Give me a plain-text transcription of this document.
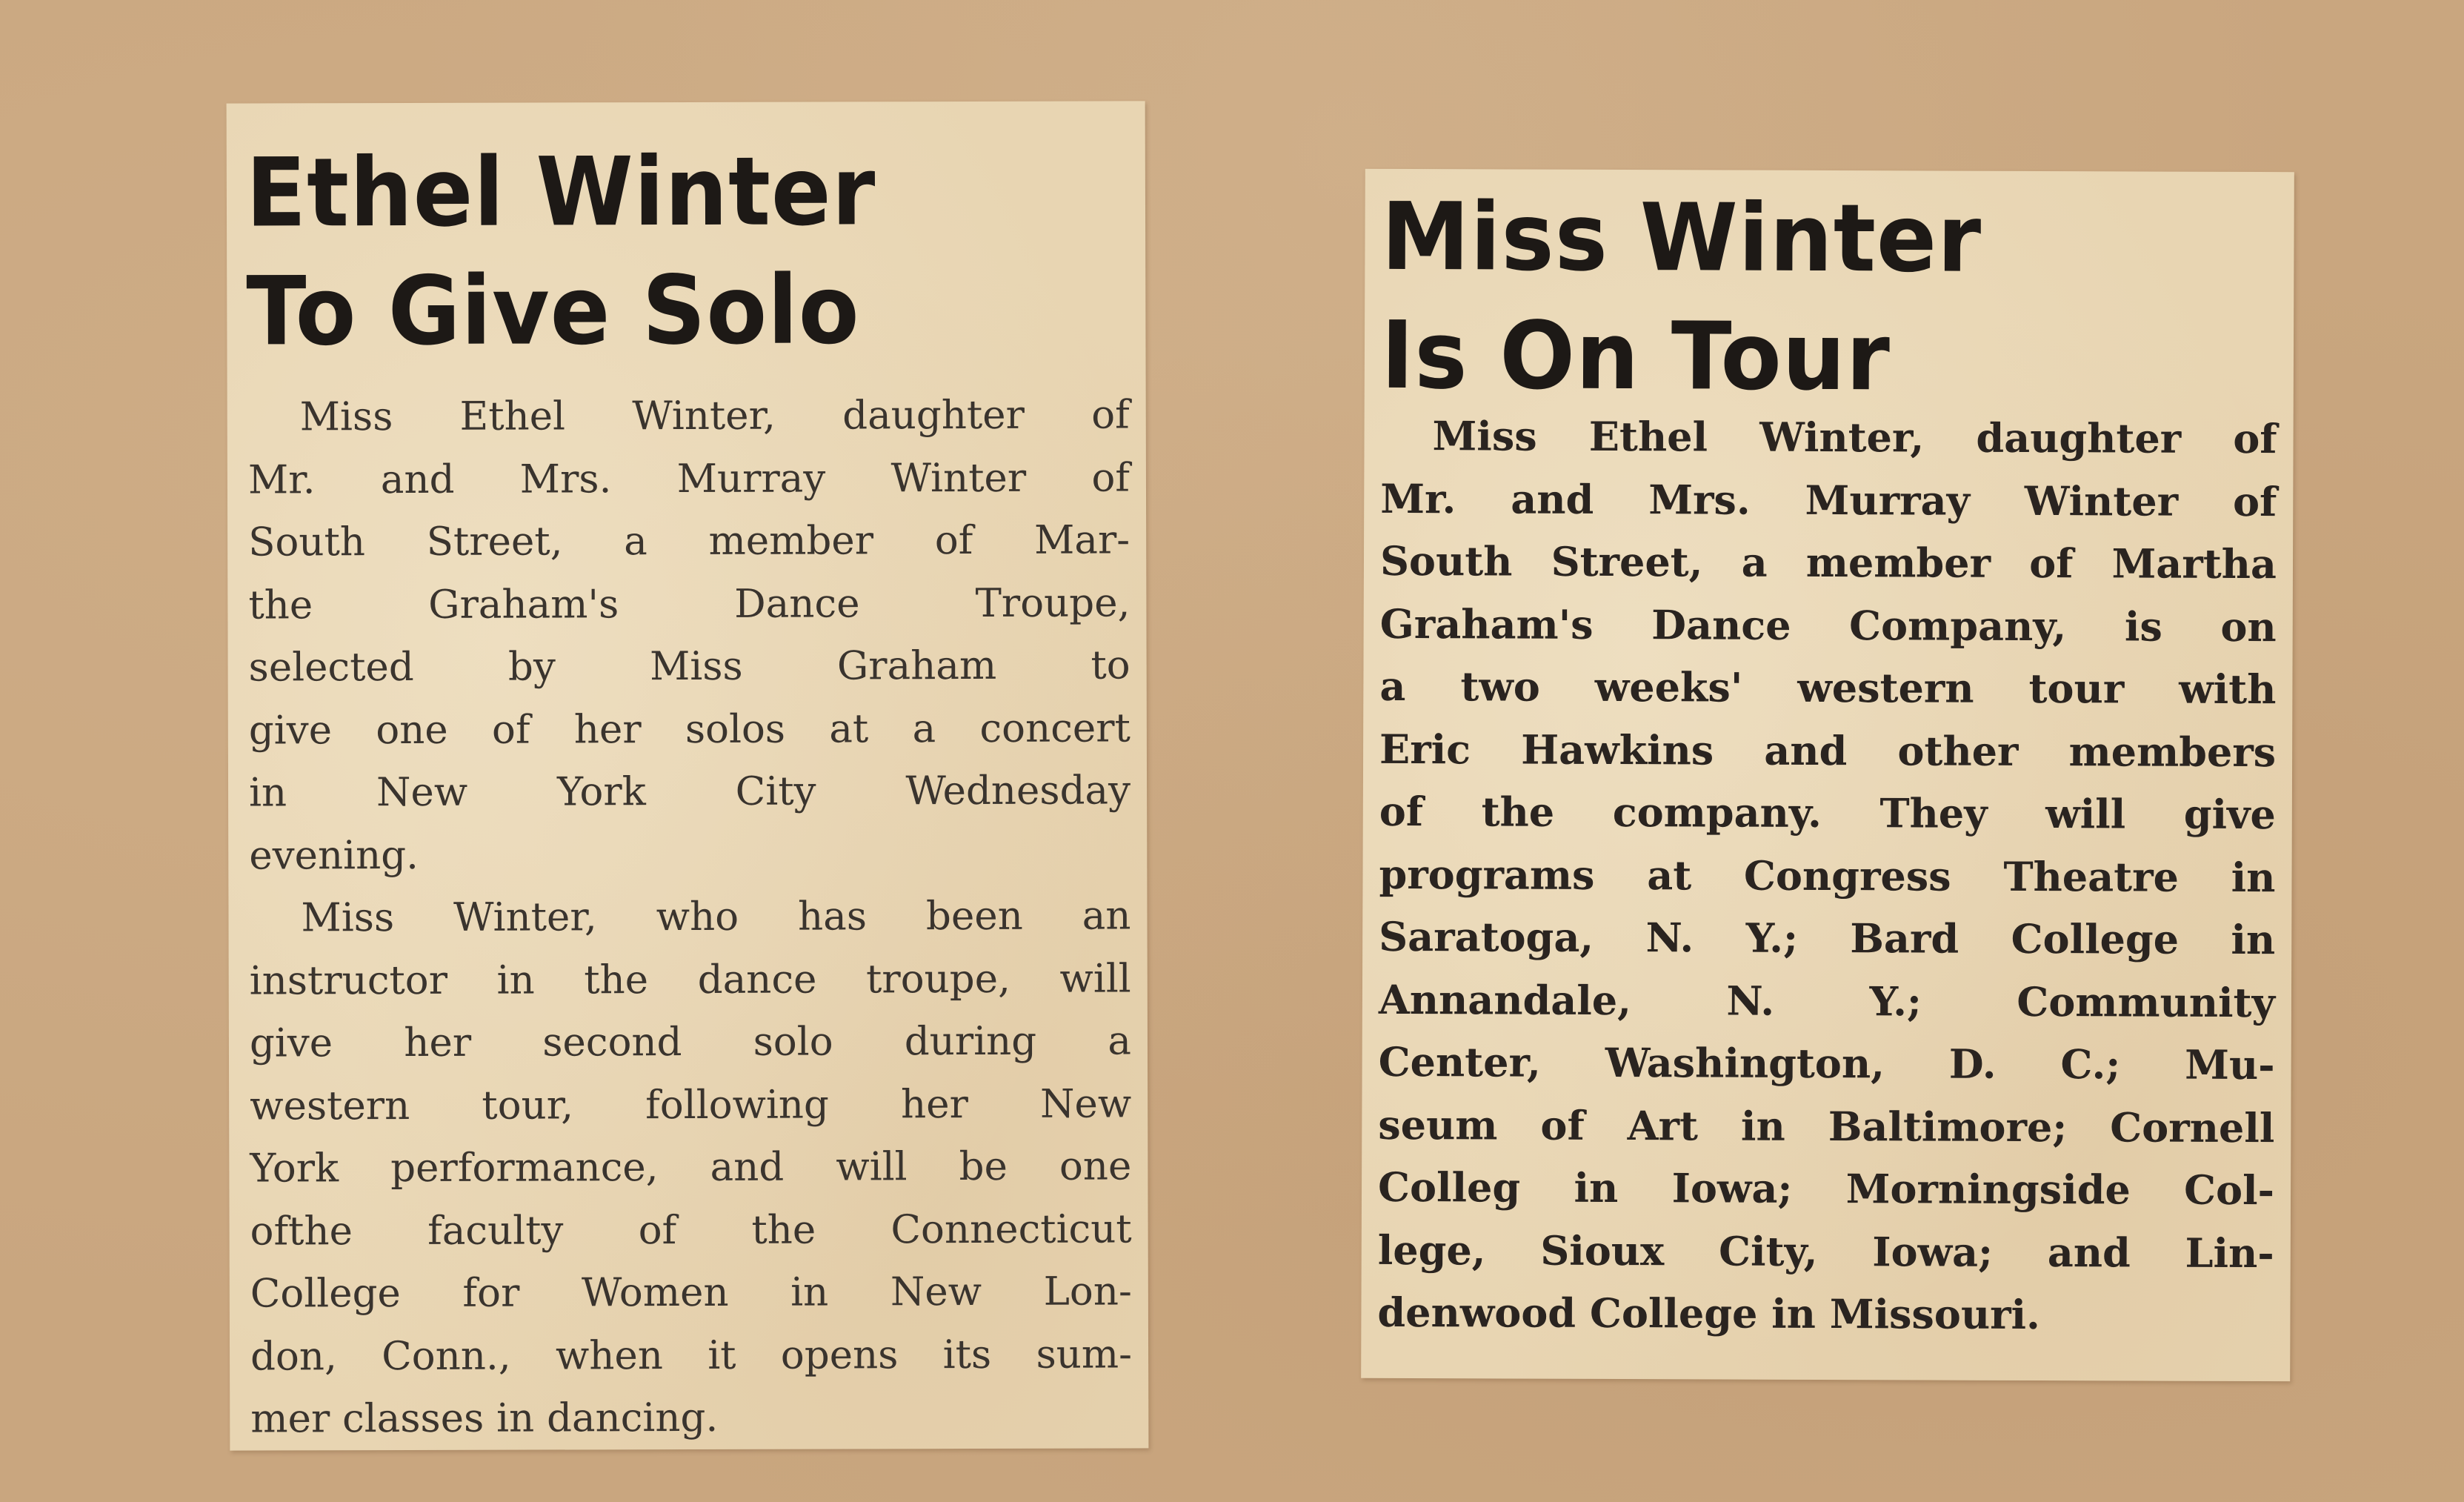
Ethel Winter
To Give Solo
Miss Ethel Winter, daughter of
Mr. and Mrs. Murray Winter of
South Street, a member of Mar-
the Graham's Dance Troupe,
selected by Miss Graham to
give one of her solos at a concert
in New York City Wednesday
evening.
Miss Winter, who has been an
instructor in the dance troupe, will
give her second solo during a
western tour, following her New
York performance, and will be one
ofthe faculty of the Connecticut
College for Women in New Lon-
don, Conn., when it opens its sum-
mer classes in dancing.
Miss Winter
Is On Tour
Miss Ethel Winter, daughter of
Mr. and Mrs. Murray Winter of
South Street, a member of Martha
Graham's Dance Company, is on
a two weeks' western tour with
Eric Hawkins and other members
of the company. They will give
programs at Congress Theatre in
Saratoga, N. Y.; Bard College in
Annandale, N. Y.; Community
Center, Washington, D. C.; Mu-
seum of Art in Baltimore; Cornell
Colleg in Iowa; Morningside Col-
lege, Sioux City, Iowa; and Lin-
denwood College in Missouri.
